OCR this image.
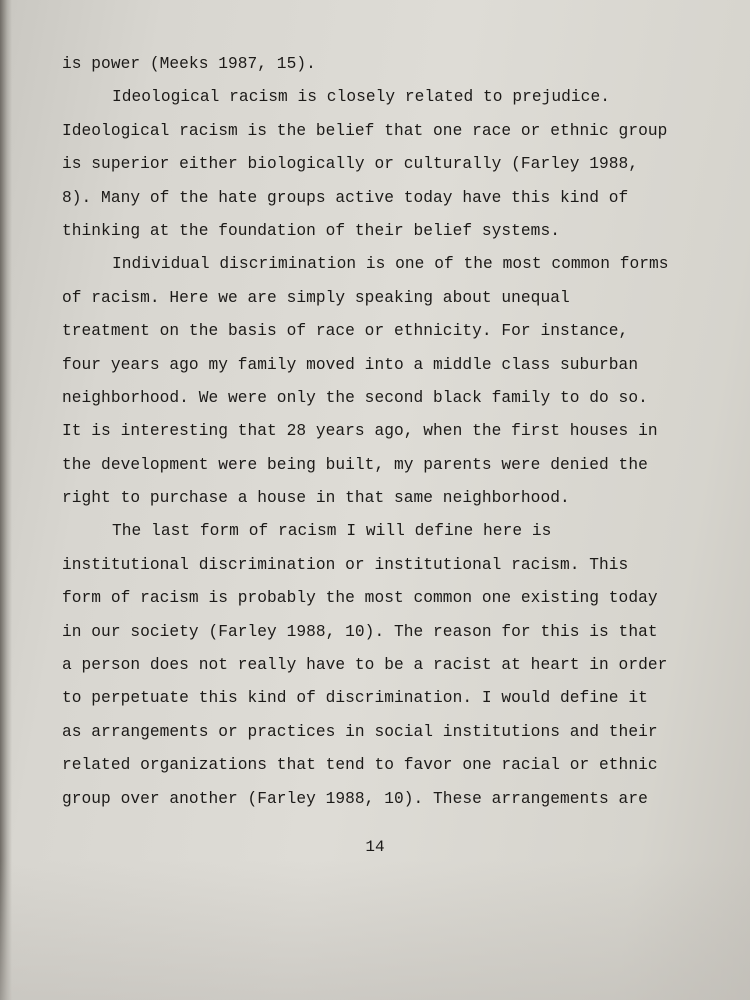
is power (Meeks 1987, 15).
Ideological racism is closely related to prejudice.
Ideological racism is the belief that one race or ethnic group
is superior either biologically or culturally (Farley 1988,
8). Many of the hate groups active today have this kind of
thinking at the foundation of their belief systems.
Individual discrimination is one of the most common forms
of racism. Here we are simply speaking about unequal
treatment on the basis of race or ethnicity. For instance,
four years ago my family moved into a middle class suburban
neighborhood. We were only the second black family to do so.
It is interesting that 28 years ago, when the first houses in
the development were being built, my parents were denied the
right to purchase a house in that same neighborhood.
The last form of racism I will define here is
institutional discrimination or institutional racism. This
form of racism is probably the most common one existing today
in our society (Farley 1988, 10). The reason for this is that
a person does not really have to be a racist at heart in order
to perpetuate this kind of discrimination. I would define it
as arrangements or practices in social institutions and their
related organizations that tend to favor one racial or ethnic
group over another (Farley 1988, 10). These arrangements are
14
